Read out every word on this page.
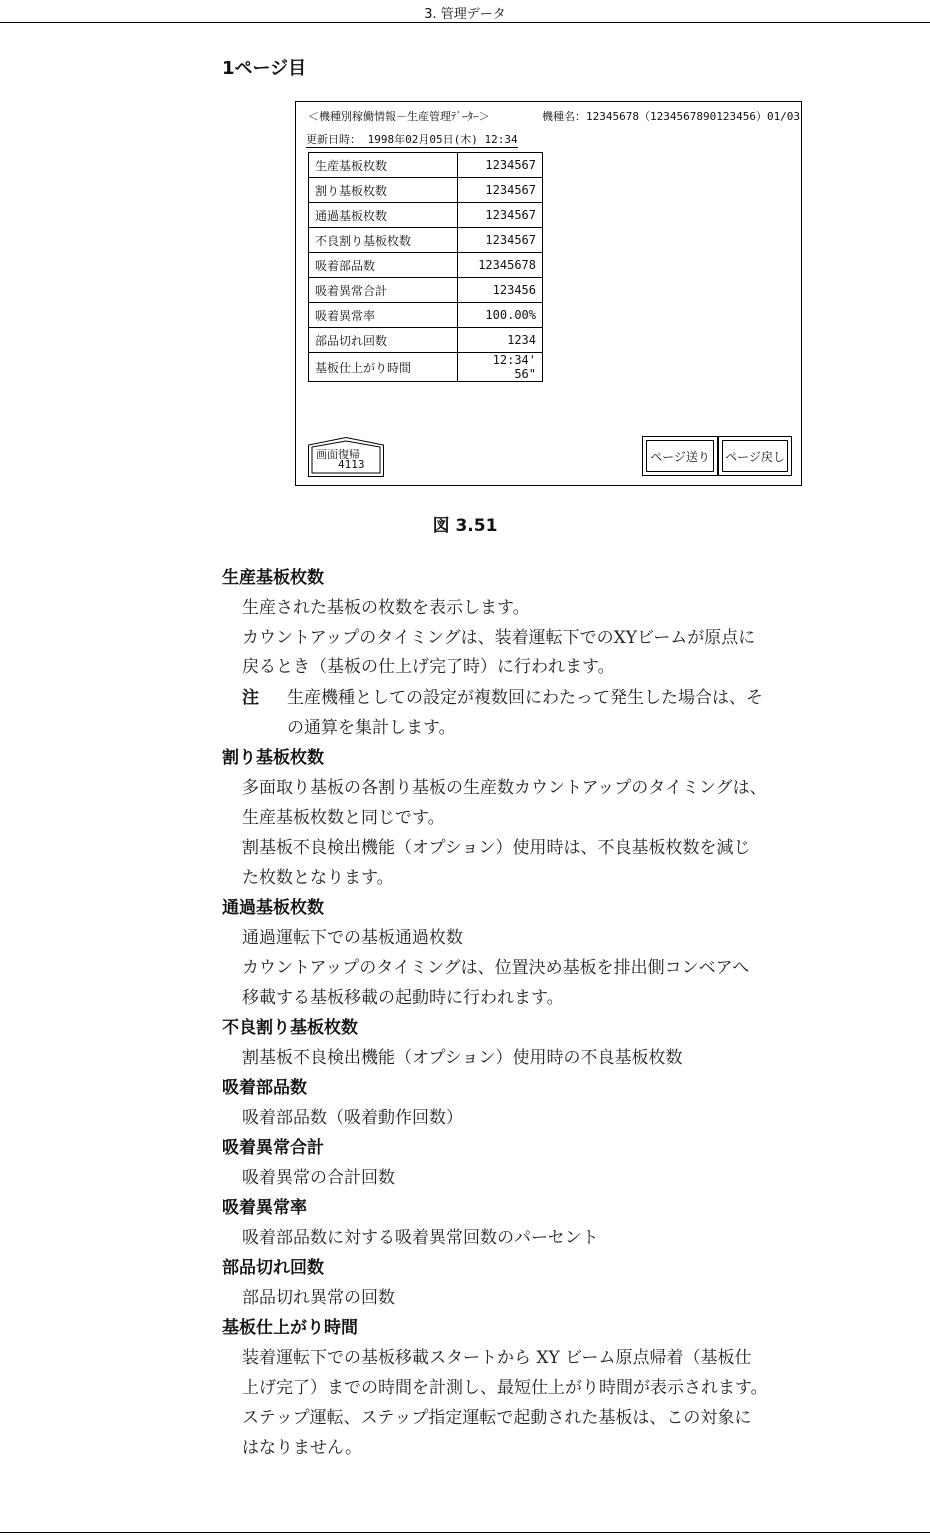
3. 管理データ
1ページ目
＜機種別稼働情報－生産管理ﾃﾞｰﾀｰ＞	機種名：12345678（1234567890123456）01/03
更新日時： 1998年02月05日(木) 12:34
生産基板枚数	1234567
割り基板枚数	1234567
通過基板枚数	1234567
不良割り基板枚数	1234567
吸着部品数	12345678
吸着異常合計	123456
吸着異常率	100.00%
部品切れ回数	1234
基板仕上がり時間	12:34' 56"
画面復帰
4113
ページ送り	ページ戻し
図 3.51
生産基板枚数
生産された基板の枚数を表示します。
カウントアップのタイミングは、装着運転下でのXYビームが原点に
戻るとき（基板の仕上げ完了時）に行われます。
注 生産機種としての設定が複数回にわたって発生した場合は、そ
の通算を集計します。
割り基板枚数
多面取り基板の各割り基板の生産数カウントアップのタイミングは、
生産基板枚数と同じです。
割基板不良検出機能（オプション）使用時は、不良基板枚数を減じ
た枚数となります。
通過基板枚数
通過運転下での基板通過枚数
カウントアップのタイミングは、位置決め基板を排出側コンベアへ
移載する基板移載の起動時に行われます。
不良割り基板枚数
割基板不良検出機能（オプション）使用時の不良基板枚数
吸着部品数
吸着部品数（吸着動作回数）
吸着異常合計
吸着異常の合計回数
吸着異常率
吸着部品数に対する吸着異常回数のパーセント
部品切れ回数
部品切れ異常の回数
基板仕上がり時間
装着運転下での基板移載スタートから XY ビーム原点帰着（基板仕
上げ完了）までの時間を計測し、最短仕上がり時間が表示されます。
ステップ運転、ステップ指定運転で起動された基板は、この対象に
はなりません。
